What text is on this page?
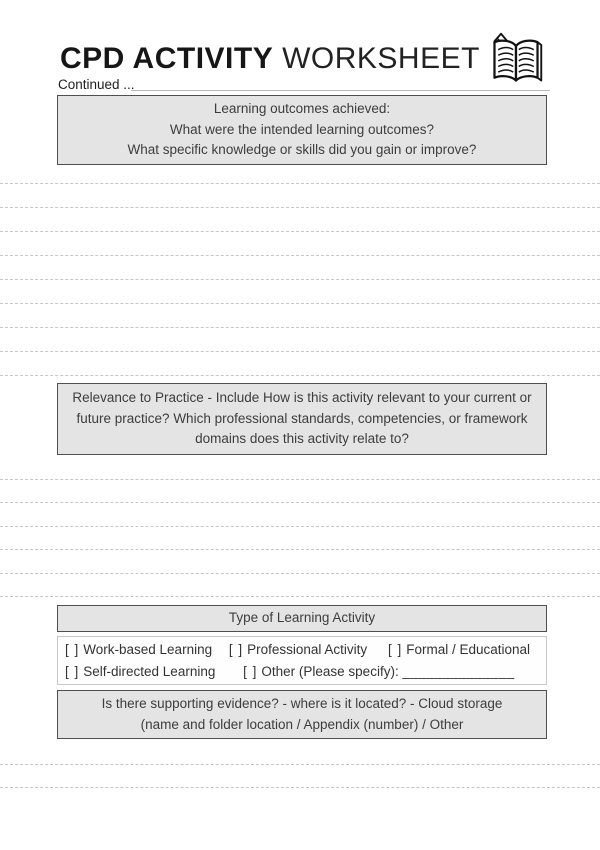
CPD ACTIVITY WORKSHEET
Continued ...
Learning outcomes achieved:
What were the intended learning outcomes?
What specific knowledge or skills did you gain or improve?
Relevance to Practice - Include How is this activity relevant to your current or future practice? Which professional standards, competencies, or framework domains does this activity relate to?
Type of Learning Activity
[ ] Work-based Learning [ ] Professional Activity [ ] Formal / Educational
[ ] Self-directed Learning [ ] Other (Please specify): ______________
Is there supporting evidence? - where is it located? - Cloud storage (name and folder location / Appendix (number) / Other
